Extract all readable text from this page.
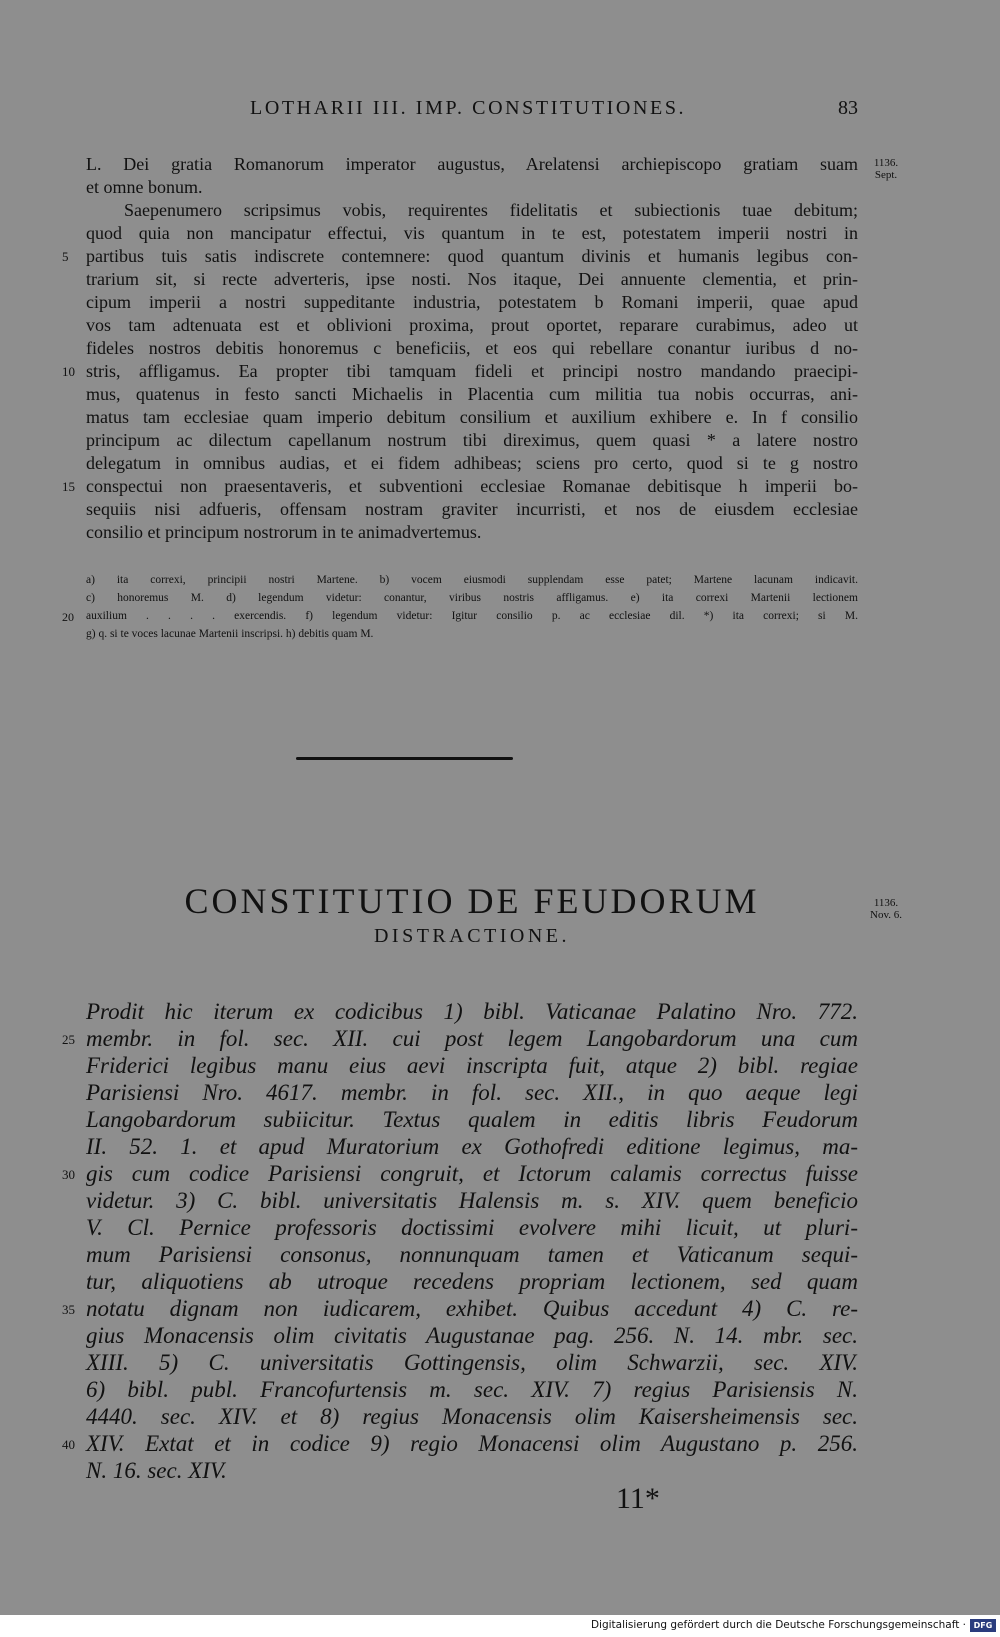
LOTHARII III. IMP. CONSTITUTIONES.	83
1136.
Sept.
L. Dei gratia Romanorum imperator augustus, Arelatensi archiepiscopo gratiam suam
et omne bonum.
Saepenumero scripsimus vobis, requirentes fidelitatis et subiectionis tuae debitum;
quod quia non mancipatur effectui, vis quantum in te est, potestatem imperii nostri in
partibus tuis satis indiscrete contemnere: quod quantum divinis et humanis legibus con-
trarium sit, si recte adverteris, ipse nosti. Nos itaque, Dei annuente clementia, et prin-
cipum imperii a nostri suppeditante industria, potestatem b Romani imperii, quae apud
vos tam adtenuata est et oblivioni proxima, prout oportet, reparare curabimus, adeo ut
fideles nostros debitis honoremus c beneficiis, et eos qui rebellare conantur iuribus d no-
stris, affligamus. Ea propter tibi tamquam fideli et principi nostro mandando praecipi-
mus, quatenus in festo sancti Michaelis in Placentia cum militia tua nobis occurras, ani-
matus tam ecclesiae quam imperio debitum consilium et auxilium exhibere e. In f consilio
principum ac dilectum capellanum nostrum tibi direximus, quem quasi * a latere nostro
delegatum in omnibus audias, et ei fidem adhibeas; sciens pro certo, quod si te g nostro
conspectui non praesentaveris, et subventioni ecclesiae Romanae debitisque h imperii bo-
sequiis nisi adfueris, offensam nostram graviter incurristi, et nos de eiusdem ecclesiae
consilio et principum nostrorum in te animadvertemus.
5
10
15
a) ita correxi, principii nostri Martene. b) vocem eiusmodi supplendam esse patet; Martene lacunam indicavit.
c) honoremus M. d) legendum videtur: conantur, viribus nostris affligamus. e) ita correxi Martenii lectionem
auxilium . . . . exercendis. f) legendum videtur: Igitur consilio p. ac ecclesiae dil. *) ita correxi; si M.
g) q. si te voces lacunae Martenii inscripsi. h) debitis quam M.
20
CONSTITUTIO DE FEUDORUM
DISTRACTIONE.
1136.
Nov. 6.
Prodit hic iterum ex codicibus 1) bibl. Vaticanae Palatino Nro. 772.
membr. in fol. sec. XII. cui post legem Langobardorum una cum
Friderici legibus manu eius aevi inscripta fuit, atque 2) bibl. regiae
Parisiensi Nro. 4617. membr. in fol. sec. XII., in quo aeque legi
Langobardorum subiicitur. Textus qualem in editis libris Feudorum
II. 52. 1. et apud Muratorium ex Gothofredi editione legimus, ma-
gis cum codice Parisiensi congruit, et Ictorum calamis correctus fuisse
videtur. 3) C. bibl. universitatis Halensis m. s. XIV. quem beneficio
V. Cl. Pernice professoris doctissimi evolvere mihi licuit, ut pluri-
mum Parisiensi consonus, nonnunquam tamen et Vaticanum sequi-
tur, aliquotiens ab utroque recedens propriam lectionem, sed quam
notatu dignam non iudicarem, exhibet. Quibus accedunt 4) C. re-
gius Monacensis olim civitatis Augustanae pag. 256. N. 14. mbr. sec.
XIII. 5) C. universitatis Gottingensis, olim Schwarzii, sec. XIV.
6) bibl. publ. Francofurtensis m. sec. XIV. 7) regius Parisiensis N.
4440. sec. XIV. et 8) regius Monacensis olim Kaisersheimensis sec.
XIV. Extat et in codice 9) regio Monacensi olim Augustano p. 256.
N. 16. sec. XIV.
25
30
35
40
11*
Digitalisierung gefördert durch die Deutsche Forschungsgemeinschaft · DFG
